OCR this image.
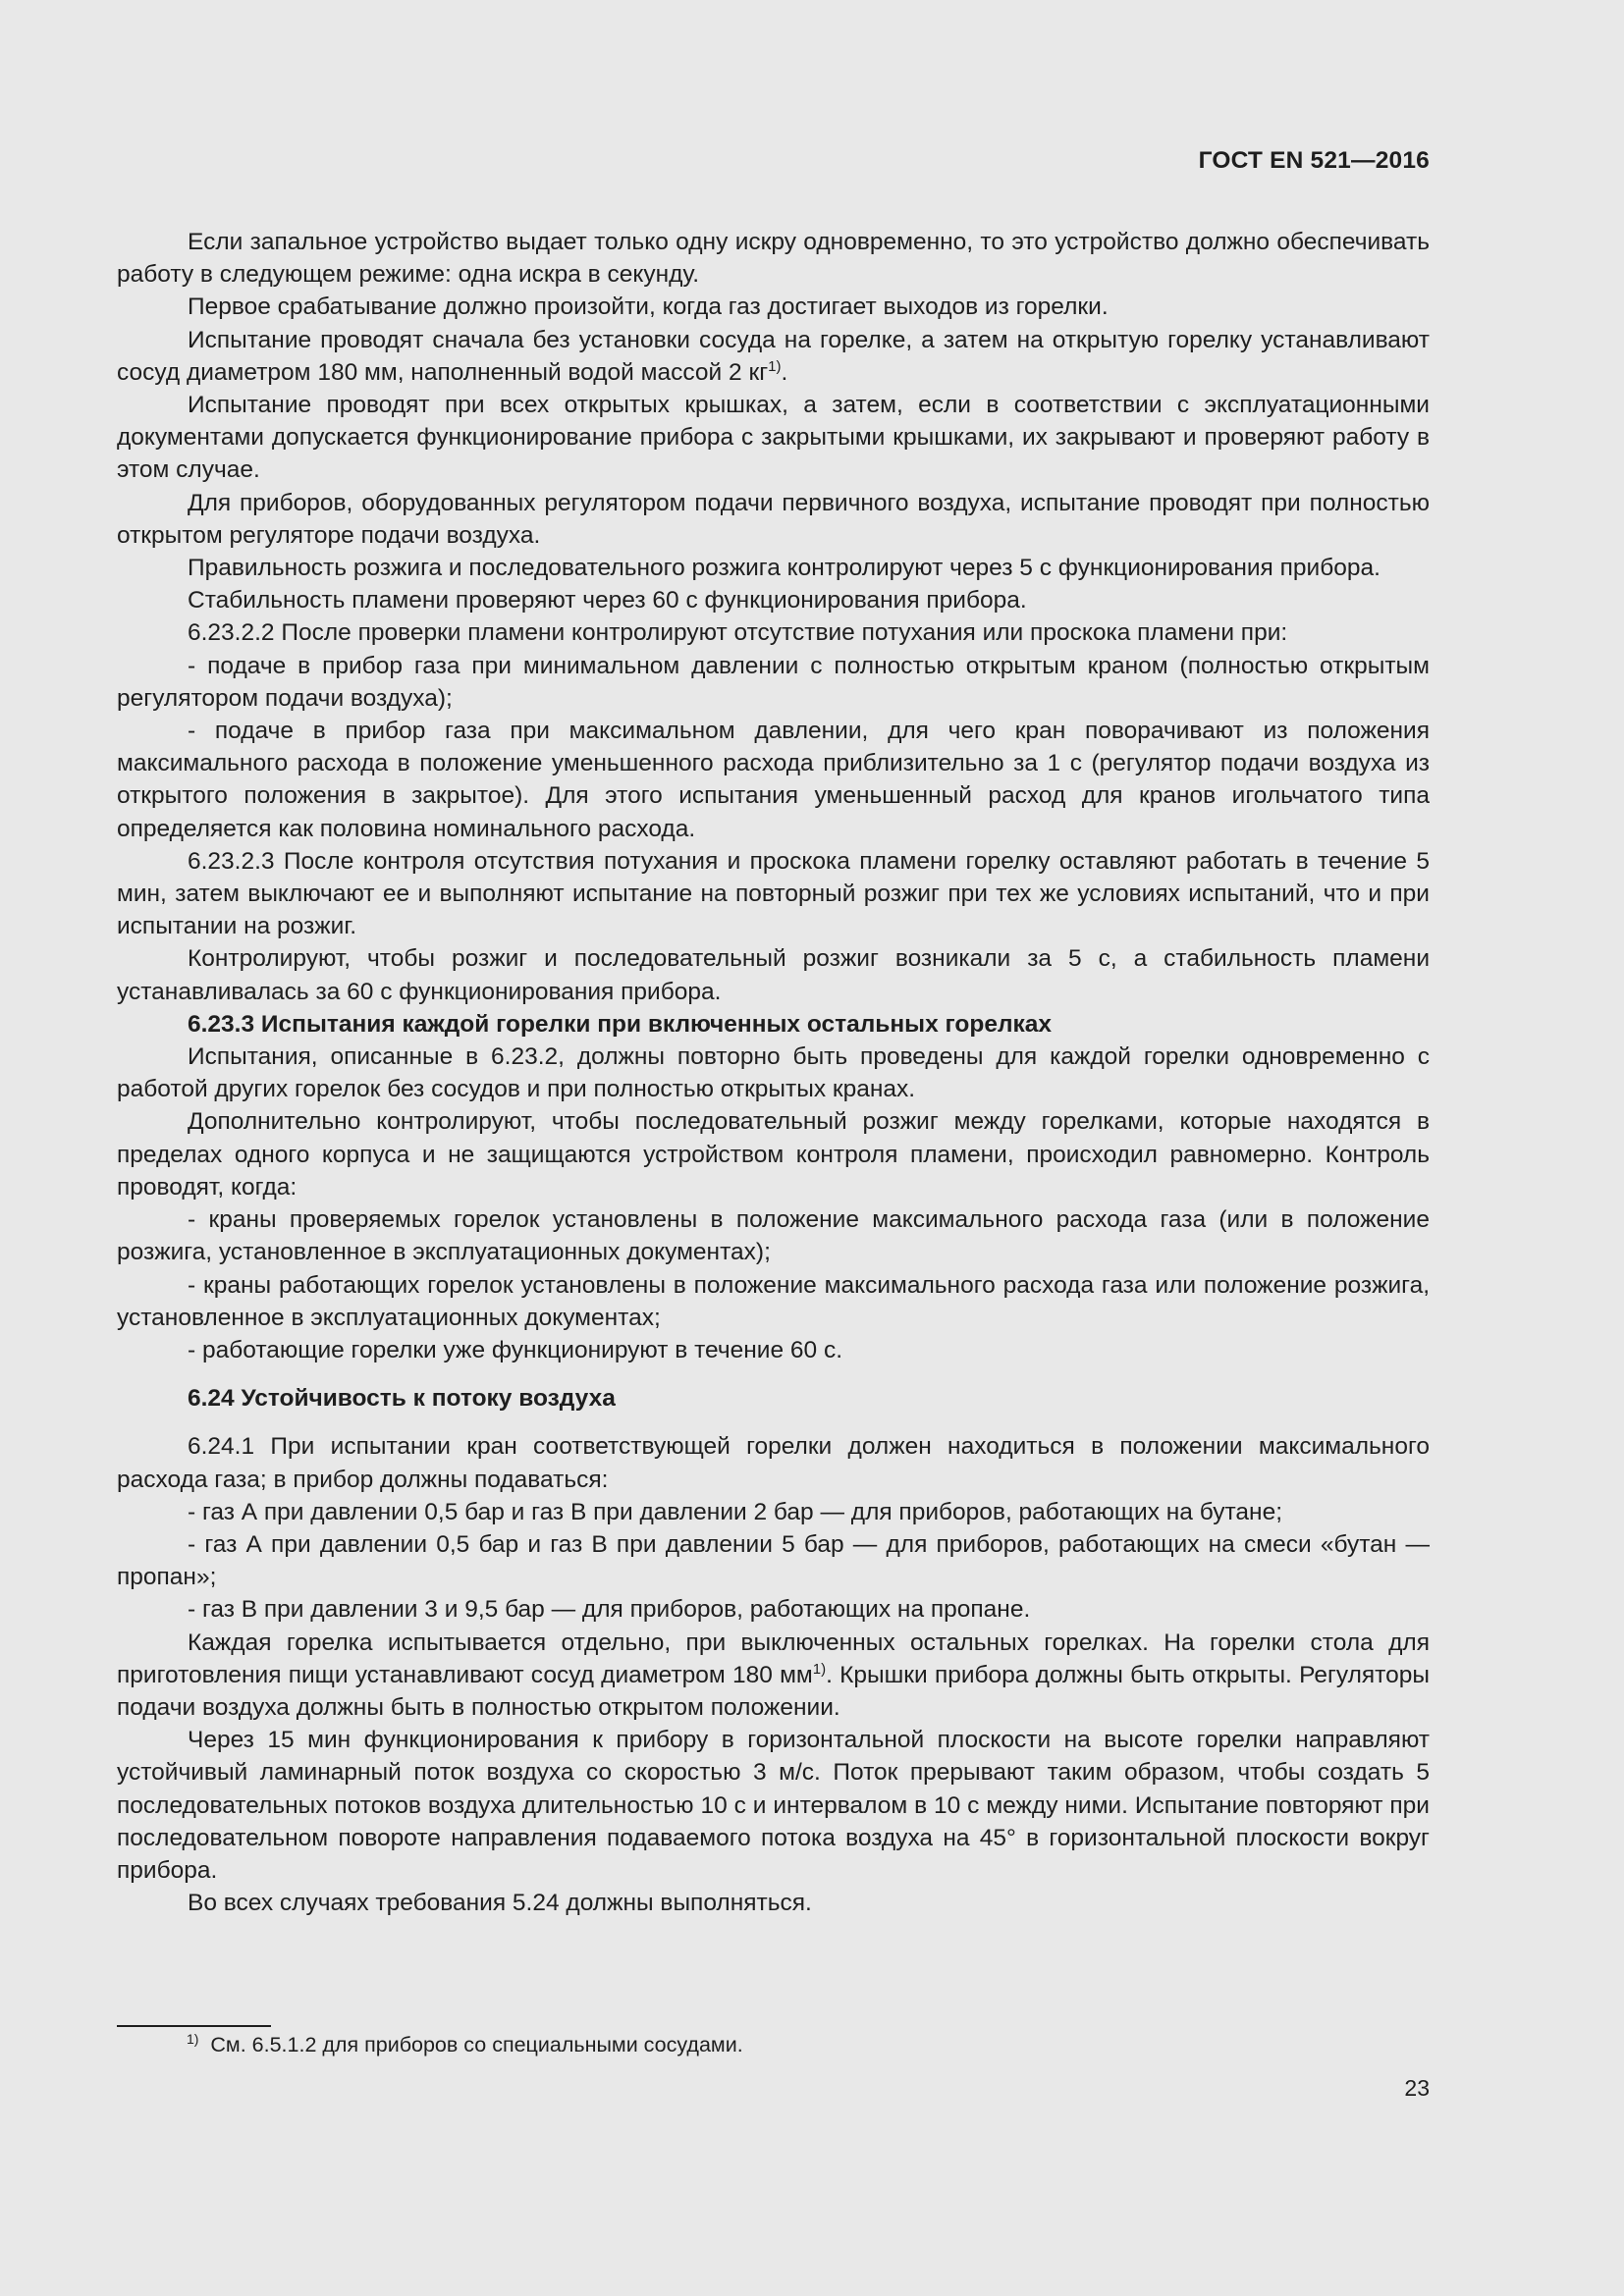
ГОСТ EN 521—2016

Если запальное устройство выдает только одну искру одновременно, то это устройство должно обеспечивать работу в следующем режиме: одна искра в секунду.

Первое срабатывание должно произойти, когда газ достигает выходов из горелки.

Испытание проводят сначала без установки сосуда на горелке, а затем на открытую горелку устанавливают сосуд диаметром 180 мм, наполненный водой массой 2 $кг^{1)}$.

Испытание проводят при всех открытых крышках, а затем, если в соответствии с эксплуатационными документами допускается функционирование прибора с закрытыми крышками, их закрывают и проверяют работу в этом случае.

Для приборов, оборудованных регулятором подачи первичного воздуха, испытание проводят при полностью открытом регуляторе подачи воздуха.

Правильность розжига и последовательного розжига контролируют через 5 с функционирования прибора.

Стабильность пламени проверяют через 60 с функционирования прибора.

6.23.2.2 После проверки пламени контролируют отсутствие потухания или проскока пламени при:

- подаче в прибор газа при минимальном давлении с полностью открытым краном (полностью открытым регулятором подачи воздуха);

- подаче в прибор газа при максимальном давлении, для чего кран поворачивают из положения максимального расхода в положение уменьшенного расхода приблизительно за 1 с (регулятор подачи воздуха из открытого положения в закрытое). Для этого испытания уменьшенный расход для кранов игольчатого типа определяется как половина номинального расхода.

6.23.2.3 После контроля отсутствия потухания и проскока пламени горелку оставляют работать в течение 5 мин, затем выключают ее и выполняют испытание на повторный розжиг при тех же условиях испытаний, что и при испытании на розжиг.

Контролируют, чтобы розжиг и последовательный розжиг возникали за 5 с, а стабильность пламени устанавливалась за 60 с функционирования прибора.

6.23.3 Испытания каждой горелки при включенных остальных горелках

Испытания, описанные в 6.23.2, должны повторно быть проведены для каждой горелки одновременно с работой других горелок без сосудов и при полностью открытых кранах.

Дополнительно контролируют, чтобы последовательный розжиг между горелками, которые находятся в пределах одного корпуса и не защищаются устройством контроля пламени, происходил равномерно. Контроль проводят, когда:

- краны проверяемых горелок установлены в положение максимального расхода газа (или в положение розжига, установленное в эксплуатационных документах);

- краны работающих горелок установлены в положение максимального расхода газа или положение розжига, установленное в эксплуатационных документах;

- работающие горелки уже функционируют в течение 60 с.

6.24 Устойчивость к потоку воздуха

6.24.1 При испытании кран соответствующей горелки должен находиться в положении максимального расхода газа; в прибор должны подаваться:

- газ А при давлении 0,5 бар и газ В при давлении 2 бар — для приборов, работающих на бутане;

- газ А при давлении 0,5 бар и газ В при давлении 5 бар — для приборов, работающих на смеси «бутан — пропан»;

- газ В при давлении 3 и 9,5 бар — для приборов, работающих на пропане.

Каждая горелка испытывается отдельно, при выключенных остальных горелках. На горелки стола для приготовления пищи устанавливают сосуд диаметром 180 $мм^{1)}$. Крышки прибора должны быть открыты. Регуляторы подачи воздуха должны быть в полностью открытом положении.

Через 15 мин функционирования к прибору в горизонтальной плоскости на высоте горелки направляют устойчивый ламинарный поток воздуха со скоростью 3 м/с. Поток прерывают таким образом, чтобы создать 5 последовательных потоков воздуха длительностью 10 с и интервалом в 10 с между ними. Испытание повторяют при последовательном повороте направления подаваемого потока воздуха на 45° в горизонтальной плоскости вокруг прибора.

Во всех случаях требования 5.24 должны выполняться.

$^{1)}$ См. 6.5.1.2 для приборов со специальными сосудами.
23
